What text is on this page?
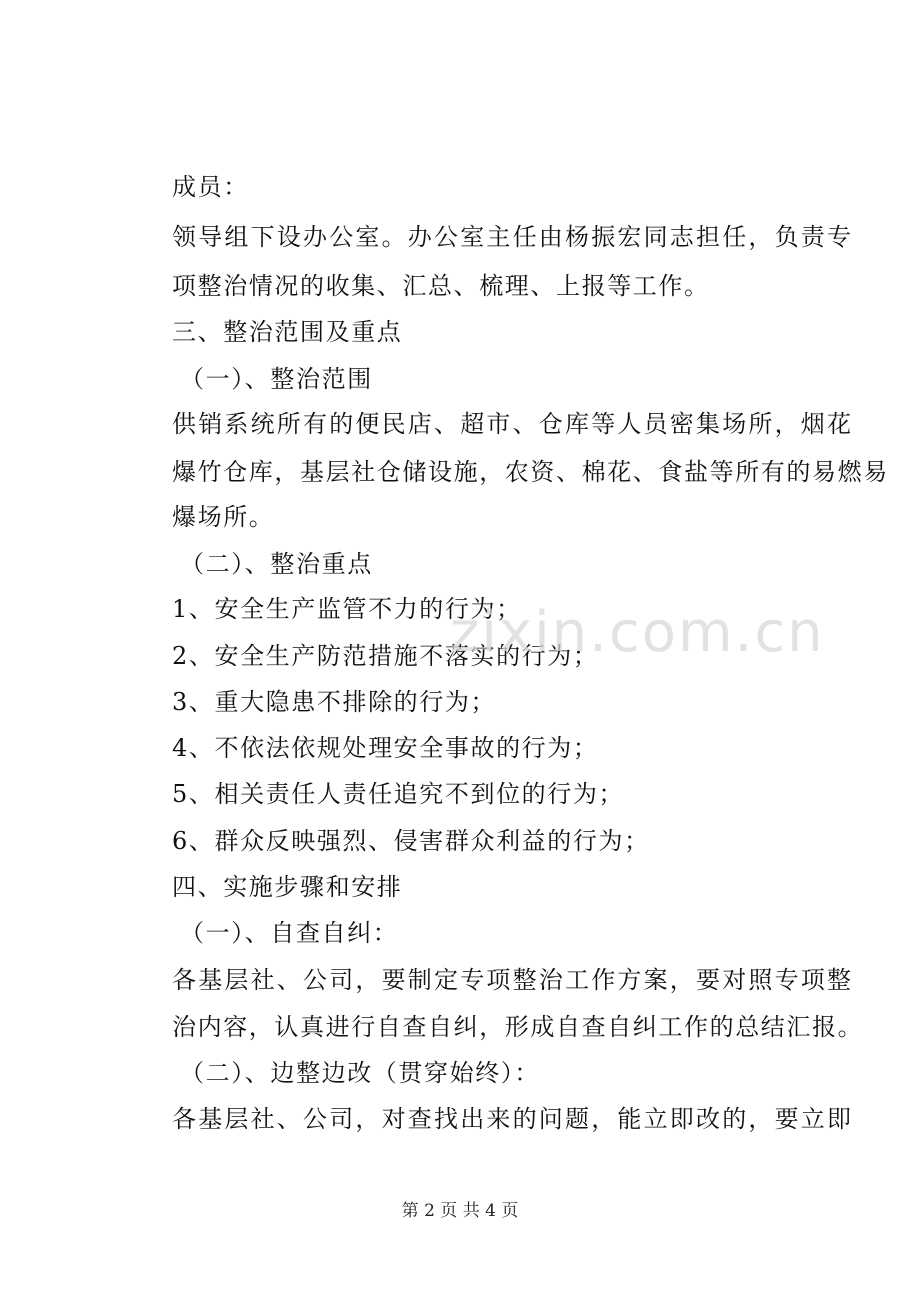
成员：
领导组下设办公室。办公室主任由杨振宏同志担任，负责专
项整治情况的收集、汇总、梳理、上报等工作。
三、整治范围及重点
（一）、整治范围
供销系统所有的便民店、超市、仓库等人员密集场所，烟花
爆竹仓库，基层社仓储设施，农资、棉花、食盐等所有的易燃易
爆场所。
（二）、整治重点
1、安全生产监管不力的行为；
2、安全生产防范措施不落实的行为；
3、重大隐患不排除的行为；
4、不依法依规处理安全事故的行为；
5、相关责任人责任追究不到位的行为；
6、群众反映强烈、侵害群众利益的行为；
四、实施步骤和安排
（一）、自查自纠：
各基层社、公司，要制定专项整治工作方案，要对照专项整
治内容，认真进行自查自纠，形成自查自纠工作的总结汇报。
（二）、边整边改（贯穿始终）：
各基层社、公司，对查找出来的问题，能立即改的，要立即
zixin.com.cn
第 2 页 共 4 页
